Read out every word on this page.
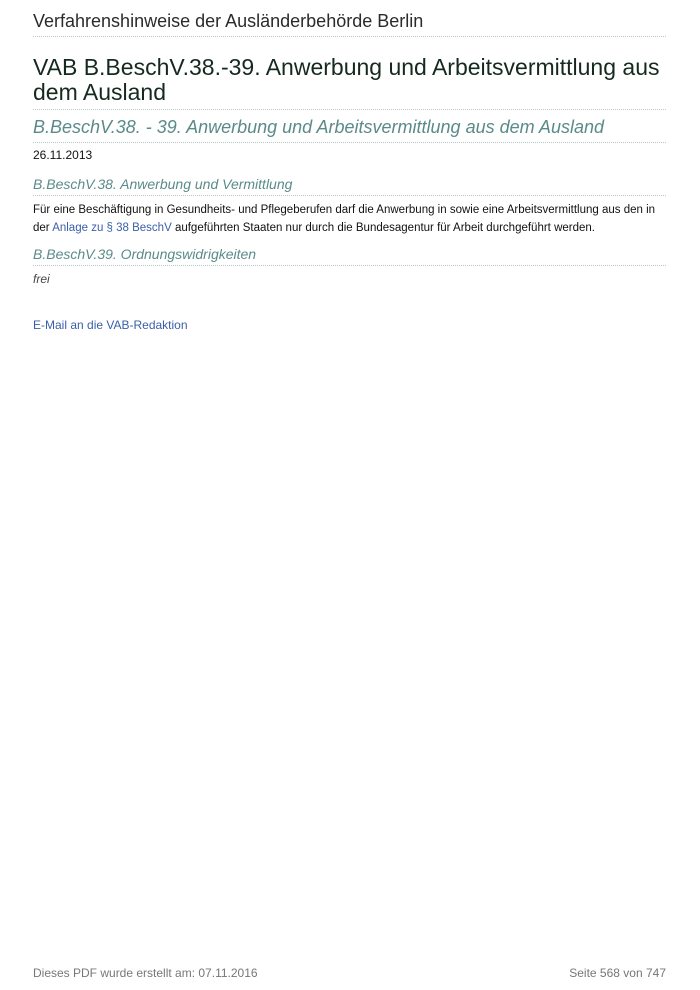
Verfahrenshinweise der Ausländerbehörde Berlin
VAB B.BeschV.38.-39. Anwerbung und Arbeitsvermittlung aus dem Ausland
B.BeschV.38. - 39. Anwerbung und Arbeitsvermittlung aus dem Ausland
26.11.2013
B.BeschV.38. Anwerbung und Vermittlung
Für eine Beschäftigung in Gesundheits- und Pflegeberufen darf die Anwerbung in sowie eine Arbeitsvermittlung aus den in der Anlage zu § 38 BeschV aufgeführten Staaten nur durch die Bundesagentur für Arbeit durchgeführt werden.
B.BeschV.39. Ordnungswidrigkeiten
frei
E-Mail an die VAB-Redaktion
Dieses PDF wurde erstellt am: 07.11.2016	Seite 568 von 747
